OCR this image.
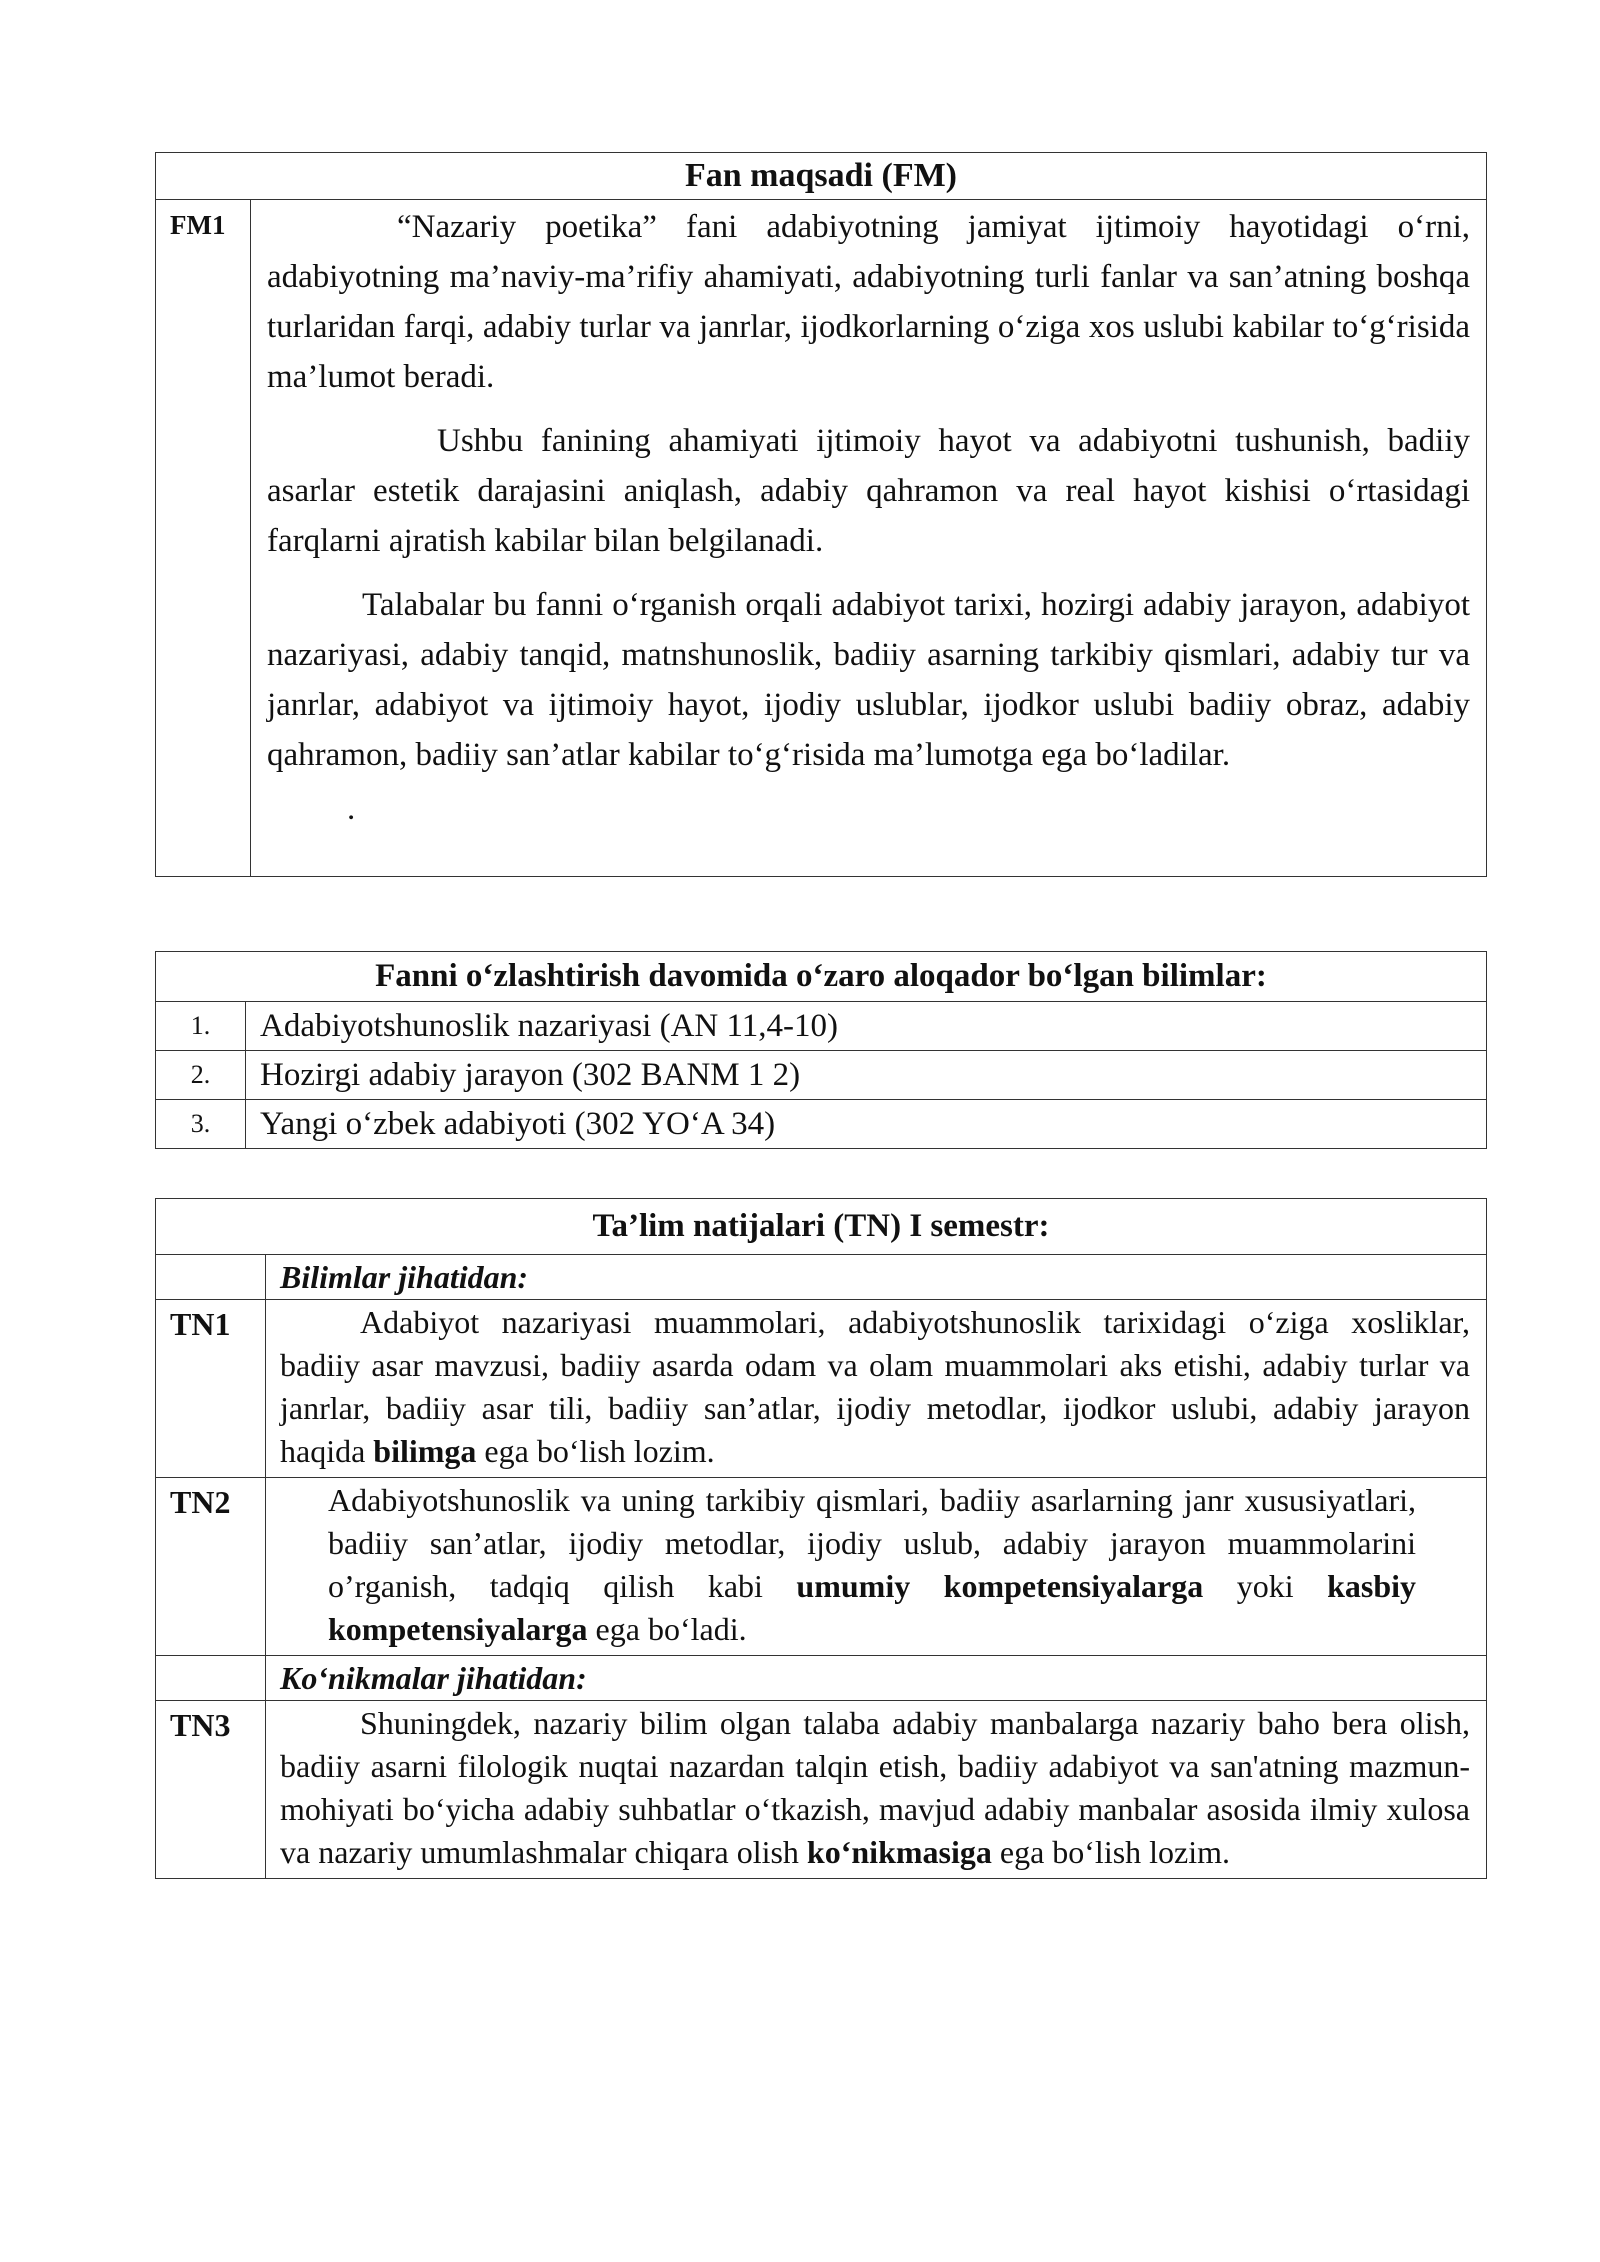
Fan maqsadi (FM)
FM1	“Nazariy poetika” fani adabiyotning jamiyat ijtimoiy hayotidagi o‘rni, adabiyotning ma’naviy-ma’rifiy ahamiyati, adabiyotning turli fanlar va san’atning boshqa turlaridan farqi, adabiy turlar va janrlar, ijodkorlarning o‘ziga xos uslubi kabilar to‘g‘risida ma’lumot beradi.

Ushbu fanining ahamiyati ijtimoiy hayot va adabiyotni tushunish, badiiy asarlar estetik darajasini aniqlash, adabiy qahramon va real hayot kishisi o‘rtasidagi farqlarni ajratish kabilar bilan belgilanadi.

Talabalar bu fanni o‘rganish orqali adabiyot tarixi, hozirgi adabiy jarayon, adabiyot nazariyasi, adabiy tanqid, matnshunoslik, badiiy asarning tarkibiy qismlari, adabiy tur va janrlar, adabiyot va ijtimoiy hayot, ijodiy uslublar, ijodkor uslubi badiiy obraz, adabiy qahramon, badiiy san’atlar kabilar to‘g‘risida ma’lumotga ega bo‘ladilar.

.
Fanni o‘zlashtirish davomida o‘zaro aloqador bo‘lgan bilimlar:	
1.	Adabiyotshunoslik nazariyasi (AN 11,4-10)
2.	Hozirgi adabiy jarayon (302 BANM 1 2)
3.	Yangi o‘zbek adabiyoti (302 YO‘A 34)
Ta’lim natijalari (TN) I semestr:	
	Bilimlar jihatidan:
TN1	Adabiyot nazariyasi muammolari, adabiyotshunoslik tarixidagi o‘ziga xosliklar, badiiy asar mavzusi, badiiy asarda odam va olam muammolari aks etishi, adabiy turlar va janrlar, badiiy asar tili, badiiy san’atlar, ijodiy metodlar, ijodkor uslubi, adabiy jarayon haqida bilimga ega bo‘lish lozim.
TN2	Adabiyotshunoslik va uning tarkibiy qismlari, badiiy asarlarning janr xususiyatlari, badiiy san’atlar, ijodiy metodlar, ijodiy uslub, adabiy jarayon muammolarini o’rganish, tadqiq qilish kabi umumiy kompetensiyalarga yoki kasbiy kompetensiyalarga ega bo‘ladi.
	Ko‘nikmalar jihatidan:
TN3	Shuningdek, nazariy bilim olgan talaba adabiy manbalarga nazariy baho bera olish, badiiy asarni filologik nuqtai nazardan talqin etish, badiiy adabiyot va san'atning mazmun-mohiyati bo‘yicha adabiy suhbatlar o‘tkazish, mavjud adabiy manbalar asosida ilmiy xulosa va nazariy umumlashmalar chiqara olish ko‘nikmasiga ega bo‘lish lozim.
